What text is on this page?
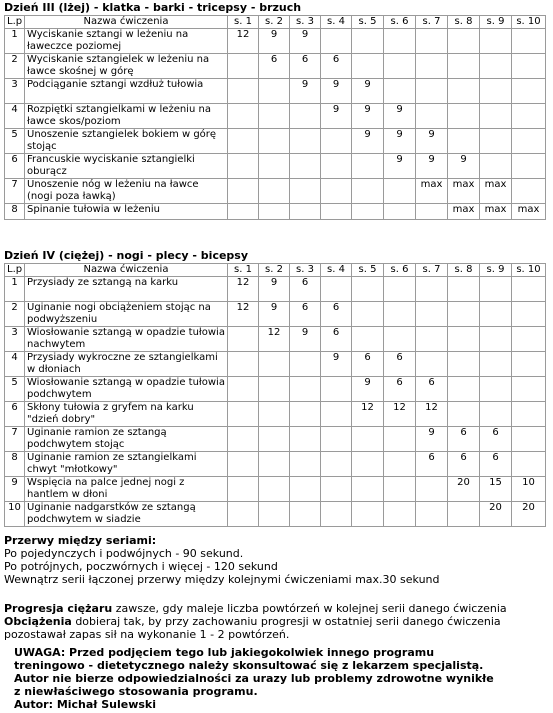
Dzień III (lżej) - klatka - barki - tricepsy - brzuch
L.p	Nazwa ćwiczenia	s. 1	s. 2	s. 3	s. 4	s. 5	s. 6	s. 7	s. 8	s. 9	s. 10
1	Wyciskanie sztangi w leżeniu na ławeczce poziomej	12	9	9							
2	Wyciskanie sztangielek w leżeniu na ławce skośnej w górę		6	6	6						
3	Podciąganie sztangi wzdłuż tułowia			9	9	9					
4	Rozpiętki sztangielkami w leżeniu na ławce skos/poziom				9	9	9				
5	Unoszenie sztangielek bokiem w górę stojąc					9	9	9			
6	Francuskie wyciskanie sztangielki oburącz						9	9	9		
7	Unoszenie nóg w leżeniu na ławce (nogi poza ławką)							max	max	max	
8	Spinanie tułowia w leżeniu								max	max	max
Dzień IV (ciężej) - nogi - plecy - bicepsy
L.p	Nazwa ćwiczenia	s. 1	s. 2	s. 3	s. 4	s. 5	s. 6	s. 7	s. 8	s. 9	s. 10
1	Przysiady ze sztangą na karku	12	9	6							
2	Uginanie nogi obciążeniem stojąc na podwyższeniu	12	9	6	6						
3	Wiosłowanie sztangą w opadzie tułowia nachwytem		12	9	6						
4	Przysiady wykroczne ze sztangielkami w dłoniach				9	6	6				
5	Wiosłowanie sztangą w opadzie tułowia podchwytem					9	6	6			
6	Skłony tułowia z gryfem na karku "dzień dobry"					12	12	12			
7	Uginanie ramion ze sztangą podchwytem stojąc							9	6	6	
8	Uginanie ramion ze sztangielkami chwyt "młotkowy"							6	6	6	
9	Wspięcia na palce jednej nogi z hantlem w dłoni								20	15	10
10	Uginanie nadgarstków ze sztangą podchwytem w siadzie									20	20
Przerwy między seriami:
Po pojedynczych i podwójnych - 90 sekund.
Po potrójnych, poczwórnych i więcej - 120 sekund
Wewnątrz serii łączonej przerwy między kolejnymi ćwiczeniami max.30 sekund
Progresja ciężaru zawsze, gdy maleje liczba powtórzeń w kolejnej serii danego ćwiczenia
Obciążenia dobieraj tak, by przy zachowaniu progresji w ostatniej serii danego ćwiczenia
pozostawał zapas sił na wykonanie 1 - 2 powtórzeń.
UWAGA: Przed podjęciem tego lub jakiegokolwiek innego programu
treningowo - dietetycznego należy skonsultować się z lekarzem specjalistą.
Autor nie bierze odpowiedzialności za urazy lub problemy zdrowotne wynikłe
z niewłaściwego stosowania programu.
Autor: Michał Sulewski
